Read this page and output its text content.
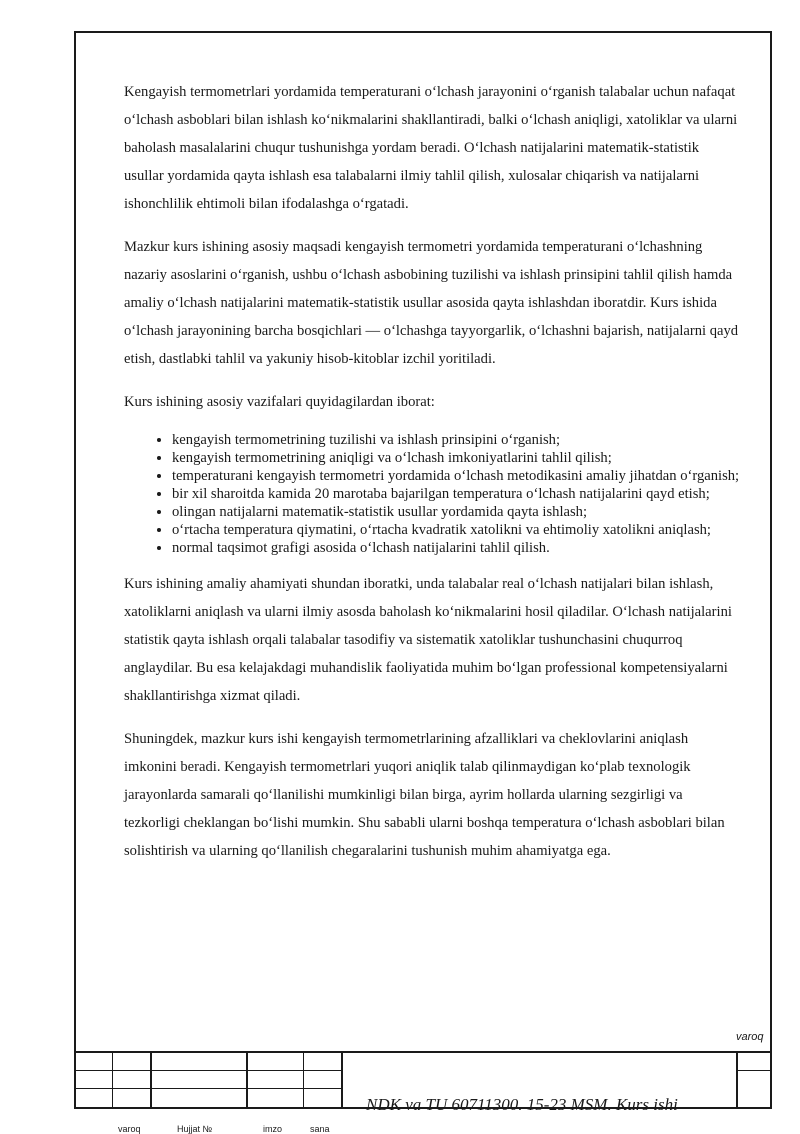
Kengayish termometrlari yordamida temperaturani oʻlchash jarayonini oʻrganish talabalar uchun nafaqat oʻlchash asboblari bilan ishlash koʻnikmalarini shakllantiradi, balki oʻlchash aniqligi, xatoliklar va ularni baholash masalalarini chuqur tushunishga yordam beradi. Oʻlchash natijalarini matematik-statistik usullar yordamida qayta ishlash esa talabalarni ilmiy tahlil qilish, xulosalar chiqarish va natijalarni ishonchlilik ehtimoli bilan ifodalashga oʻrgatadi.

Mazkur kurs ishining asosiy maqsadi kengayish termometri yordamida temperaturani oʻlchashning nazariy asoslarini oʻrganish, ushbu oʻlchash asbobining tuzilishi va ishlash prinsipini tahlil qilish hamda amaliy oʻlchash natijalarini matematik-statistik usullar asosida qayta ishlashdan iboratdir. Kurs ishida oʻlchash jarayonining barcha bosqichlari — oʻlchashga tayyorgarlik, oʻlchashni bajarish, natijalarni qayd etish, dastlabki tahlil va yakuniy hisob-kitoblar izchil yoritiladi.

Kurs ishining asosiy vazifalari quyidagilardan iborat:

• kengayish termometrining tuzilishi va ishlash prinsipini oʻrganish;
• kengayish termometrining aniqligi va oʻlchash imkoniyatlarini tahlil qilish;
• temperaturani kengayish termometri yordamida oʻlchash metodikasini amaliy jihatdan oʻrganish;
• bir xil sharoitda kamida 20 marotaba bajarilgan temperatura oʻlchash natijalarini qayd etish;
• olingan natijalarni matematik-statistik usullar yordamida qayta ishlash;
• oʻrtacha temperatura qiymatini, oʻrtacha kvadratik xatolikni va ehtimoliy xatolikni aniqlash;
• normal taqsimot grafigi asosida oʻlchash natijalarini tahlil qilish.

Kurs ishining amaliy ahamiyati shundan iboratki, unda talabalar real oʻlchash natijalari bilan ishlash, xatoliklarni aniqlash va ularni ilmiy asosda baholash koʻnikmalarini hosil qiladilar. Oʻlchash natijalarini statistik qayta ishlash orqali talabalar tasodifiy va sistematik xatoliklar tushunchasini chuqurroq anglaydilar. Bu esa kelajakdagi muhandislik faoliyatida muhim boʻlgan professional kompetensiyalarni shakllantirishga xizmat qiladi.

Shuningdek, mazkur kurs ishi kengayish termometrlarining afzalliklari va cheklovlarini aniqlash imkonini beradi. Kengayish termometrlari yuqori aniqlik talab qilinmaydigan koʻplab texnologik jarayonlarda samarali qoʻllanilishi mumkinligi bilan birga, ayrim hollarda ularning sezgirligi va tezkorligi cheklangan boʻlishi mumkin. Shu sababli ularni boshqa temperatura oʻlchash asboblari bilan solishtirish va ularning qoʻllanilish chegaralarini tushunish muhim ahamiyatga ega.

varoq
NDK va TU 60711300. 15-23 MSM. Kurs ishi
varoq	Hujjat №	imzo	sana
